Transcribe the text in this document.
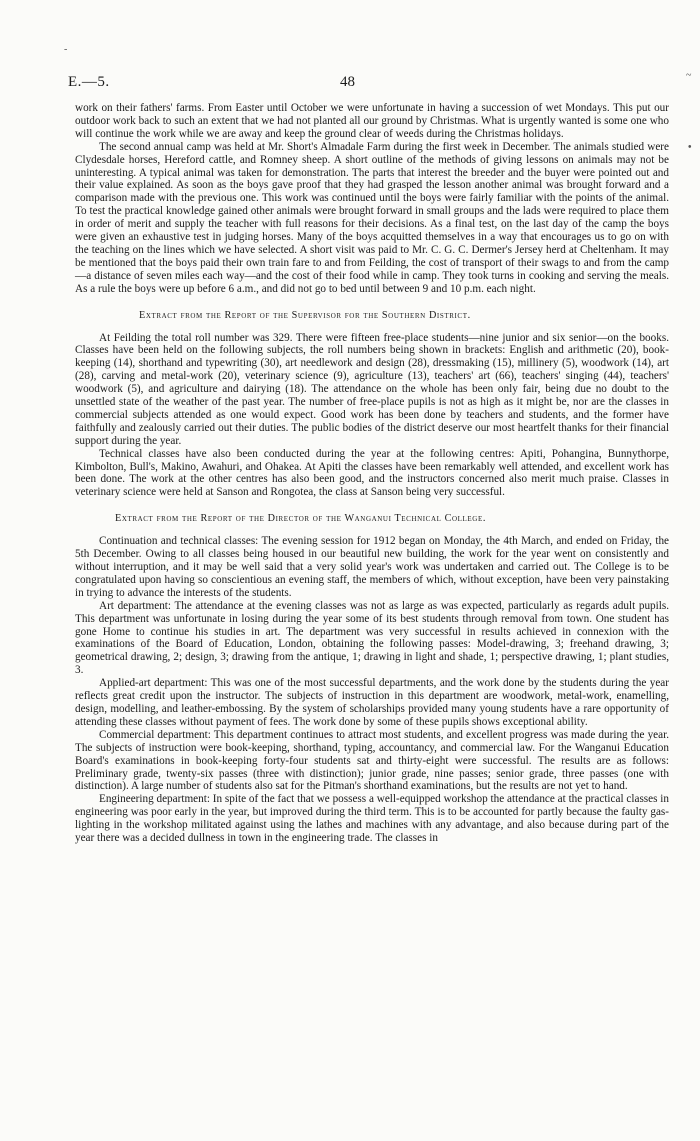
-
~
•
E.—5.	48

work on their fathers' farms. From Easter until October we were unfortunate in having a succession of wet Mondays. This put our outdoor work back to such an extent that we had not planted all our ground by Christmas. What is urgently wanted is some one who will continue the work while we are away and keep the ground clear of weeds during the Christmas holidays.

The second annual camp was held at Mr. Short's Almadale Farm during the first week in December. The animals studied were Clydesdale horses, Hereford cattle, and Romney sheep. A short outline of the methods of giving lessons on animals may not be uninteresting. A typical animal was taken for demonstration. The parts that interest the breeder and the buyer were pointed out and their value explained. As soon as the boys gave proof that they had grasped the lesson another animal was brought forward and a comparison made with the previous one. This work was continued until the boys were fairly familiar with the points of the animal. To test the practical knowledge gained other animals were brought forward in small groups and the lads were required to place them in order of merit and supply the teacher with full reasons for their decisions. As a final test, on the last day of the camp the boys were given an exhaustive test in judging horses. Many of the boys acquitted themselves in a way that encourages us to go on with the teaching on the lines which we have selected. A short visit was paid to Mr. C. G. C. Dermer's Jersey herd at Cheltenham. It may be mentioned that the boys paid their own train fare to and from Feilding, the cost of transport of their swags to and from the camp—a distance of seven miles each way—and the cost of their food while in camp. They took turns in cooking and serving the meals. As a rule the boys were up before 6 a.m., and did not go to bed until between 9 and 10 p.m. each night.

Extract from the Report of the Supervisor for the Southern District.

At Feilding the total roll number was 329. There were fifteen free-place students—nine junior and six senior—on the books. Classes have been held on the following subjects, the roll numbers being shown in brackets: English and arithmetic (20), book-keeping (14), shorthand and typewriting (30), art needlework and design (28), dressmaking (15), millinery (5), woodwork (14), art (28), carving and metal-work (20), veterinary science (9), agriculture (13), teachers' art (66), teachers' singing (44), teachers' woodwork (5), and agriculture and dairying (18). The attendance on the whole has been only fair, being due no doubt to the unsettled state of the weather of the past year. The number of free-place pupils is not as high as it might be, nor are the classes in commercial subjects attended as one would expect. Good work has been done by teachers and students, and the former have faithfully and zealously carried out their duties. The public bodies of the district deserve our most heartfelt thanks for their financial support during the year.

Technical classes have also been conducted during the year at the following centres: Apiti, Pohangina, Bunnythorpe, Kimbolton, Bull's, Makino, Awahuri, and Ohakea. At Apiti the classes have been remarkably well attended, and excellent work has been done. The work at the other centres has also been good, and the instructors concerned also merit much praise. Classes in veterinary science were held at Sanson and Rongotea, the class at Sanson being very successful.

Extract from the Report of the Director of the Wanganui Technical College.

Continuation and technical classes: The evening session for 1912 began on Monday, the 4th March, and ended on Friday, the 5th December. Owing to all classes being housed in our beautiful new building, the work for the year went on consistently and without interruption, and it may be well said that a very solid year's work was undertaken and carried out. The College is to be congratulated upon having so conscientious an evening staff, the members of which, without exception, have been very painstaking in trying to advance the interests of the students.

Art department: The attendance at the evening classes was not as large as was expected, particularly as regards adult pupils. This department was unfortunate in losing during the year some of its best students through removal from town. One student has gone Home to continue his studies in art. The department was very successful in results achieved in connexion with the examinations of the Board of Education, London, obtaining the following passes: Model-drawing, 3; freehand drawing, 3; geometrical drawing, 2; design, 3; drawing from the antique, 1; drawing in light and shade, 1; perspective drawing, 1; plant studies, 3.

Applied-art department: This was one of the most successful departments, and the work done by the students during the year reflects great credit upon the instructor. The subjects of instruction in this department are woodwork, metal-work, enamelling, design, modelling, and leather-embossing. By the system of scholarships provided many young students have a rare opportunity of attending these classes without payment of fees. The work done by some of these pupils shows exceptional ability.

Commercial department: This department continues to attract most students, and excellent progress was made during the year. The subjects of instruction were book-keeping, shorthand, typing, accountancy, and commercial law. For the Wanganui Education Board's examinations in book-keeping forty-four students sat and thirty-eight were successful. The results are as follows: Preliminary grade, twenty-six passes (three with distinction); junior grade, nine passes; senior grade, three passes (one with distinction). A large number of students also sat for the Pitman's shorthand examinations, but the results are not yet to hand.

Engineering department: In spite of the fact that we possess a well-equipped workshop the attendance at the practical classes in engineering was poor early in the year, but improved during the third term. This is to be accounted for partly because the faulty gas-lighting in the workshop militated against using the lathes and machines with any advantage, and also because during part of the year there was a decided dullness in town in the engineering trade. The classes in
